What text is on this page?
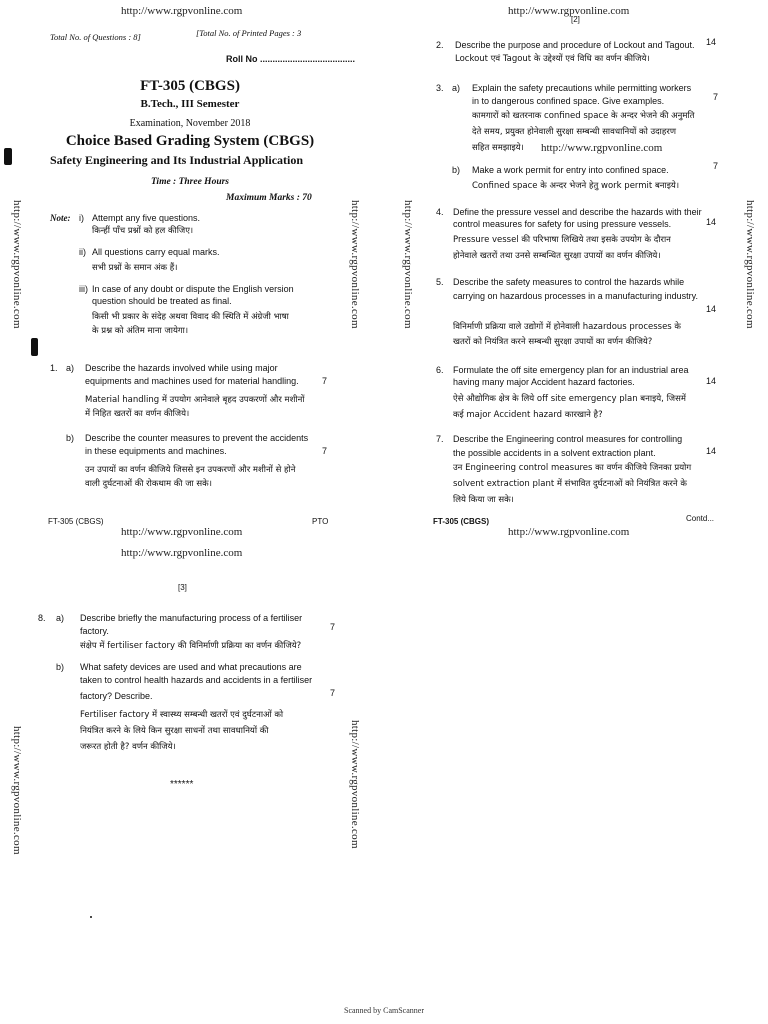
http://www.rgpvonline.com
Total No. of Questions : 8]	[Total No. of Printed Pages : 3
Roll No ......................................
FT-305 (CBGS)
B.Tech., III Semester
Examination, November 2018
Choice Based Grading System (CBGS)
Safety Engineering and Its Industrial Application
Time : Three Hours
Maximum Marks : 70
Note: i) Attempt any five questions.
किन्हीं पाँच प्रश्नों को हल कीजिए।
ii) All questions carry equal marks.
सभी प्रश्नों के समान अंक हैं।
iii) In case of any doubt or dispute the English version
question should be treated as final.
किसी भी प्रकार के संदेह अथवा विवाद की स्थिति में अंग्रेजी भाषा
के प्रश्न को अंतिम माना जायेगा।
1. a) Describe the hazards involved while using major
equipments and machines used for material handling.	7
Material handling में उपयोग आनेवाले बृहद उपकरणों और मशीनों
में निहित खतरों का वर्णन कीजिये।
b) Describe the counter measures to prevent the accidents
in these equipments and machines.	7
उन उपायों का वर्णन कीजिये जिससे इन उपकरणों और मशीनों से होने
वाली दुर्घटनाओं की रोकथाम की जा सके।
FT-305 (CBGS)	PTO
http://www.rgpvonline.com
http://www.rgpvonline.com
[3]
8. a) Describe briefly the manufacturing process of a fertiliser
factory.	7
संक्षेप में fertiliser factory की विनिर्माणी प्रक्रिया का वर्णन कीजिये?
b) What safety devices are used and what precautions are
taken to control health hazards and accidents in a fertiliser
factory? Describe.	7
Fertiliser factory में स्वास्थ्य सम्बन्धी खतरों एवं दुर्घटनाओं को
नियंत्रित करने के लिये किन सुरक्षा साधनों तथा सावधानियों की
जरूरत होती है? वर्णन कीजिये।
******
http://www.rgpvonline.com	http://www.rgpvonline.com
http://www.rgpvonline.com	http://www.rgpvonline.com
http://www.rgpvonline.com
[2]
2. Describe the purpose and procedure of Lockout and Tagout. 14
Lockout एवं Tagout के उद्देश्यों एवं विधि का वर्णन कीजिये।
3. a) Explain the safety precautions while permitting workers
in to dangerous confined space. Give examples.	7
कामगारों को खतरनाक confined space के अन्दर भेजने की अनुमति
देते समय, प्रयुक्त होनेवाली सुरक्षा सम्बन्धी सावधानियों को उदाहरण
सहित समझाइये। http://www.rgpvonline.com
b) Make a work permit for entry into confined space.	7
Confined space के अन्दर भेजने हेतु work permit बनाइये।
4. Define the pressure vessel and describe the hazards with their
control measures for safety for using pressure vessels.	14
Pressure vessel की परिभाषा लिखिये तथा इसके उपयोग के दौरान
होनेवाले खतरों तथा उनसे सम्बन्धित सुरक्षा उपायों का वर्णन कीजिये।
5. Describe the safety measures to control the hazards while
carrying on hazardous processes in a manufacturing industry.
14
विनिर्माणी प्रक्रिया वाले उद्योगों में होनेवाली hazardous processes के
खतरों को नियंत्रित करने सम्बन्धी सुरक्षा उपायों का वर्णन कीजिये?
6. Formulate the off site emergency plan for an industrial area
having many major Accident hazard factories.	14
ऐसे औद्योगिक क्षेत्र के लिये off site emergency plan बनाइये, जिसमें
कई major Accident hazard कारखाने है?
7. Describe the Engineering control measures for controlling
the possible accidents in a solvent extraction plant.	14
उन Engineering control measures का वर्णन कीजिये जिनका प्रयोग
solvent extraction plant में संभावित दुर्घटनाओं को नियंत्रित करने के
लिये किया जा सके।
FT-305 (CBGS)	Contd...
http://www.rgpvonline.com
http://www.rgpvonline.com	http://www.rgpvonline.com
Scanned by CamScanner
